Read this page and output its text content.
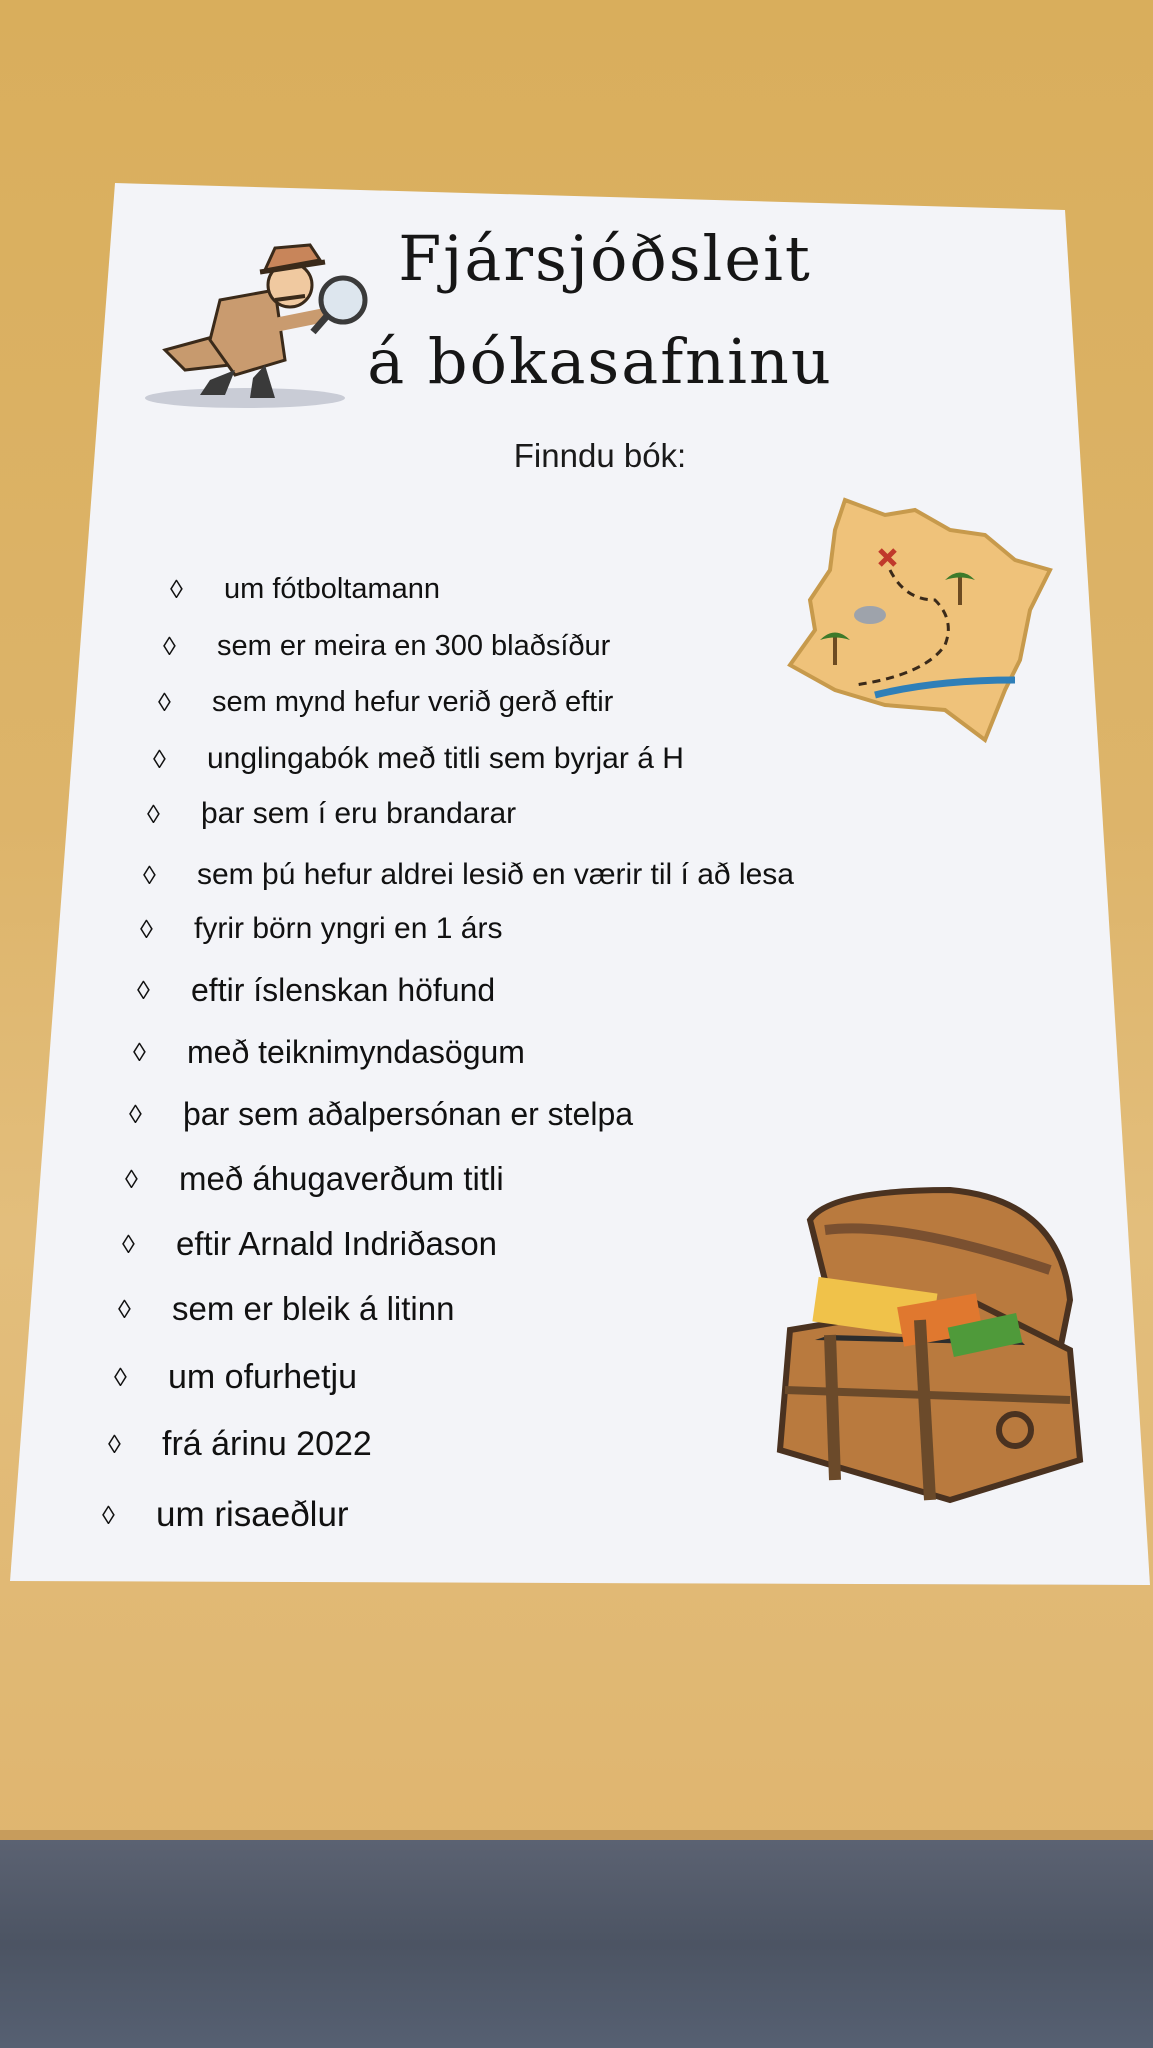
Fjársjóðsleit
á bókasafninu
Finndu bók:
◊	um fótboltamann
◊	sem er meira en 300 blaðsíður
◊	sem mynd hefur verið gerð eftir
◊	unglingabók með titli sem byrjar á H
◊	þar sem í eru brandarar
◊	sem þú hefur aldrei lesið en værir til í að lesa
◊	fyrir börn yngri en 1 árs
◊	eftir íslenskan höfund
◊	með teiknimyndasögum
◊	þar sem aðalpersónan er stelpa
◊	með áhugaverðum titli
◊	eftir Arnald Indriðason
◊	sem er bleik á litinn
◊	um ofurhetju
◊	frá árinu 2022
◊	um risaeðlur
